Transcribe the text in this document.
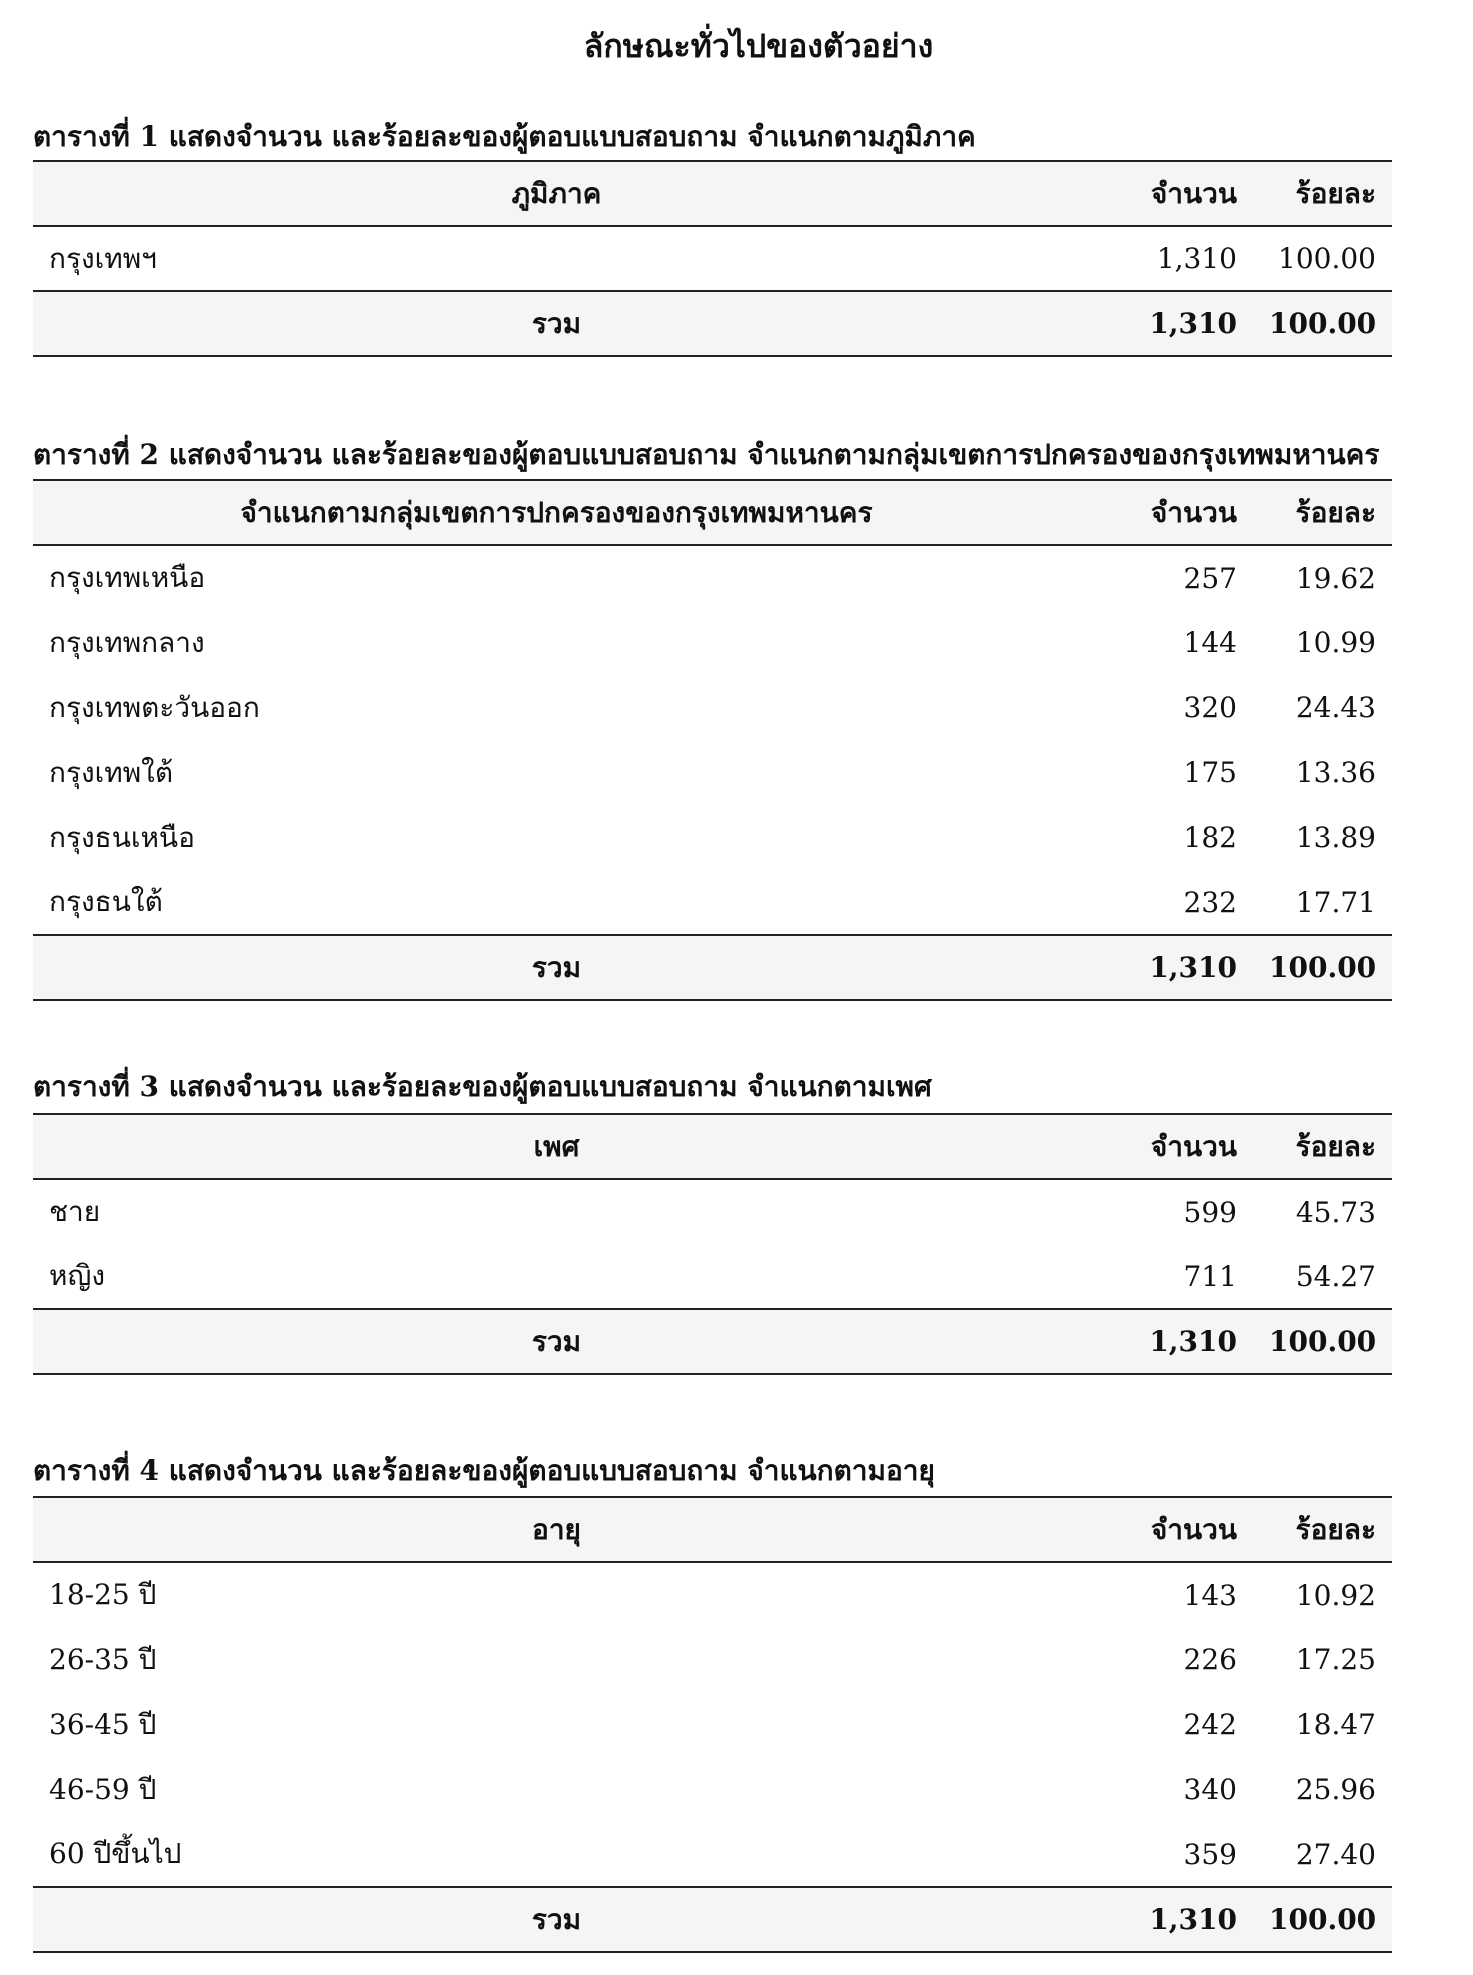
ลักษณะทั่วไปของตัวอย่าง
ตารางที่ 1 แสดงจำนวน และร้อยละของผู้ตอบแบบสอบถาม จำแนกตามภูมิภาค
ภูมิภาค	จำนวน	ร้อยละ
กรุงเทพฯ	1,310	100.00
รวม	1,310	100.00
ตารางที่ 2 แสดงจำนวน และร้อยละของผู้ตอบแบบสอบถาม จำแนกตามกลุ่มเขตการปกครองของกรุงเทพมหานคร
จำแนกตามกลุ่มเขตการปกครองของกรุงเทพมหานคร	จำนวน	ร้อยละ
กรุงเทพเหนือ	257	19.62
กรุงเทพกลาง	144	10.99
กรุงเทพตะวันออก	320	24.43
กรุงเทพใต้	175	13.36
กรุงธนเหนือ	182	13.89
กรุงธนใต้	232	17.71
รวม	1,310	100.00
ตารางที่ 3 แสดงจำนวน และร้อยละของผู้ตอบแบบสอบถาม จำแนกตามเพศ
เพศ	จำนวน	ร้อยละ
ชาย	599	45.73
หญิง	711	54.27
รวม	1,310	100.00
ตารางที่ 4 แสดงจำนวน และร้อยละของผู้ตอบแบบสอบถาม จำแนกตามอายุ
อายุ	จำนวน	ร้อยละ
18-25 ปี	143	10.92
26-35 ปี	226	17.25
36-45 ปี	242	18.47
46-59 ปี	340	25.96
60 ปีขึ้นไป	359	27.40
รวม	1,310	100.00
